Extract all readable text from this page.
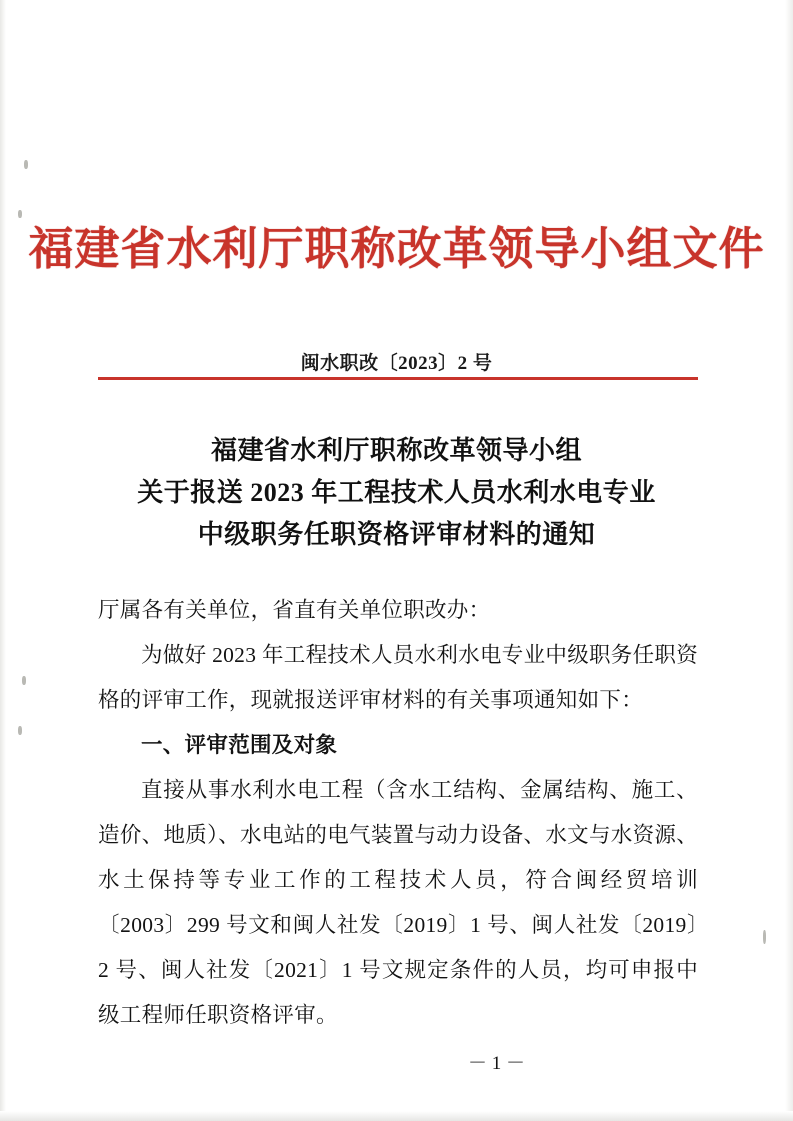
福建省水利厅职称改革领导小组文件
闽水职改〔2023〕2 号
福建省水利厅职称改革领导小组
关于报送 2023 年工程技术人员水利水电专业
中级职务任职资格评审材料的通知

厅属各有关单位，省直有关单位职改办：

为做好 2023 年工程技术人员水利水电专业中级职务任职资格的评审工作，现就报送评审材料的有关事项通知如下：

一、评审范围及对象

直接从事水利水电工程（含水工结构、金属结构、施工、造价、地质）、水电站的电气装置与动力设备、水文与水资源、水土保持等专业工作的工程技术人员，符合闽经贸培训〔2003〕299 号文和闽人社发〔2019〕1 号、闽人社发〔2019〕2 号、闽人社发〔2021〕1 号文规定条件的人员，均可申报中级工程师任职资格评审。

－ 1 －
